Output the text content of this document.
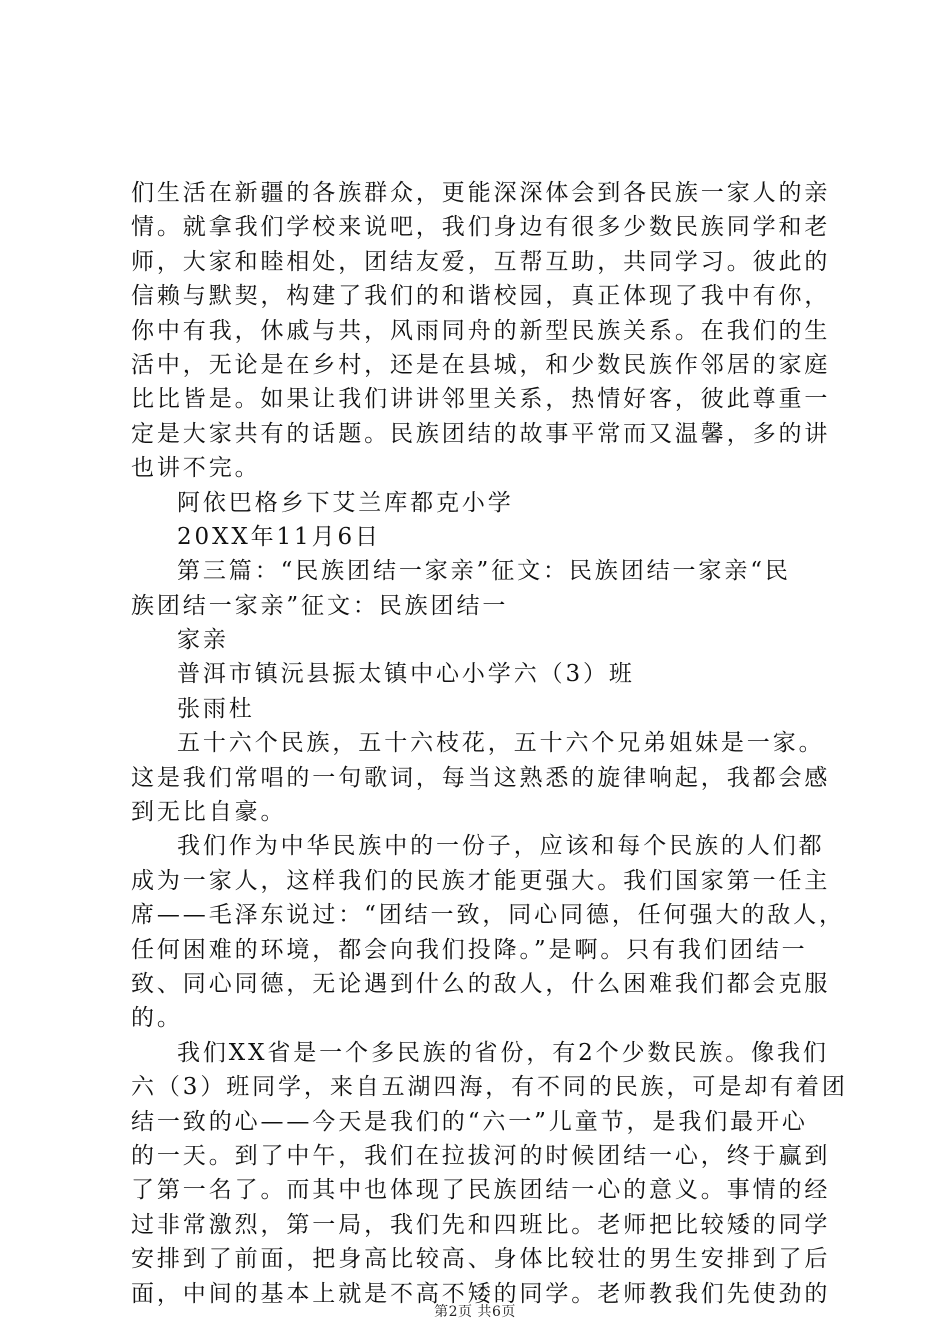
们生活在新疆的各族群众，更能深深体会到各民族一家人的亲
情。就拿我们学校来说吧，我们身边有很多少数民族同学和老
师，大家和睦相处，团结友爱，互帮互助，共同学习。彼此的
信赖与默契，构建了我们的和谐校园，真正体现了我中有你，
你中有我，休戚与共，风雨同舟的新型民族关系。在我们的生
活中，无论是在乡村，还是在县城，和少数民族作邻居的家庭
比比皆是。如果让我们讲讲邻里关系，热情好客，彼此尊重一
定是大家共有的话题。民族团结的故事平常而又温馨，多的讲
也讲不完。
阿依巴格乡下艾兰库都克小学
20XX年11月6日
第三篇：“民族团结一家亲”征文：民族团结一家亲“民
族团结一家亲”征文：民族团结一
家亲
普洱市镇沅县振太镇中心小学六（3）班
张雨杜
五十六个民族，五十六枝花，五十六个兄弟姐妹是一家。
这是我们常唱的一句歌词，每当这熟悉的旋律响起，我都会感
到无比自豪。
我们作为中华民族中的一份子，应该和每个民族的人们都
成为一家人，这样我们的民族才能更强大。我们国家第一任主
席——毛泽东说过：“团结一致，同心同德，任何强大的敌人，
任何困难的环境，都会向我们投降。”是啊。只有我们团结一
致、同心同德，无论遇到什么的敌人，什么困难我们都会克服
的。
我们XX省是一个多民族的省份，有2个少数民族。像我们
六（3）班同学，来自五湖四海，有不同的民族，可是却有着团
结一致的心——今天是我们的“六一”儿童节，是我们最开心
的一天。到了中午，我们在拉拔河的时候团结一心，终于赢到
了第一名了。而其中也体现了民族团结一心的意义。事情的经
过非常激烈，第一局，我们先和四班比。老师把比较矮的同学
安排到了前面，把身高比较高、身体比较壮的男生安排到了后
面，中间的基本上就是不高不矮的同学。老师教我们先使劲的
第2页 共6页
